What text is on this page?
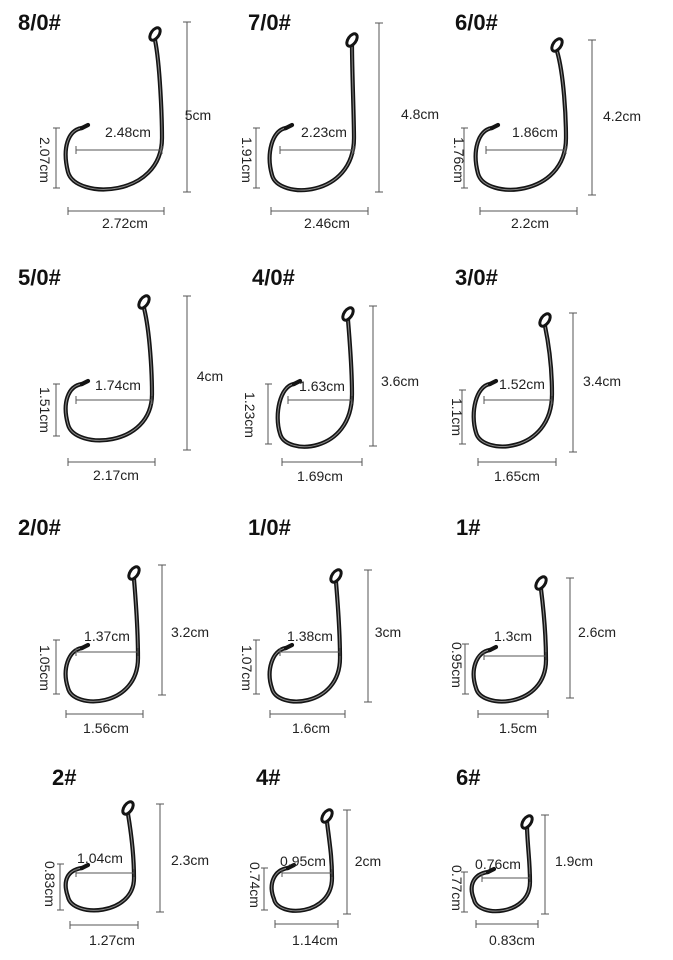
8/0#
2.48cm
5cm
2.72cm
2.07cm
7/0#
2.23cm
4.8cm
2.46cm
1.91cm
6/0#
1.86cm
4.2cm
2.2cm
1.76cm
5/0#
1.74cm
4cm
2.17cm
1.51cm
4/0#
1.63cm	3.6cm
1.69cm
1.23cm
3/0#
1.52cm	3.4cm
1.65cm
1.1cm
2/0#
1.37cm	3.2cm
1.56cm
1.05cm
1/0#
1.38cm	3cm
1.6cm
1.07cm
1#
1.3cm	2.6cm
1.5cm
0.95cm
2#
1.04cm	2.3cm
1.27cm
0.83cm
4#
0.95cm 2cm
1.14cm
0.74cm
6#
0.76cm 1.9cm
0.83cm
0.77cm
